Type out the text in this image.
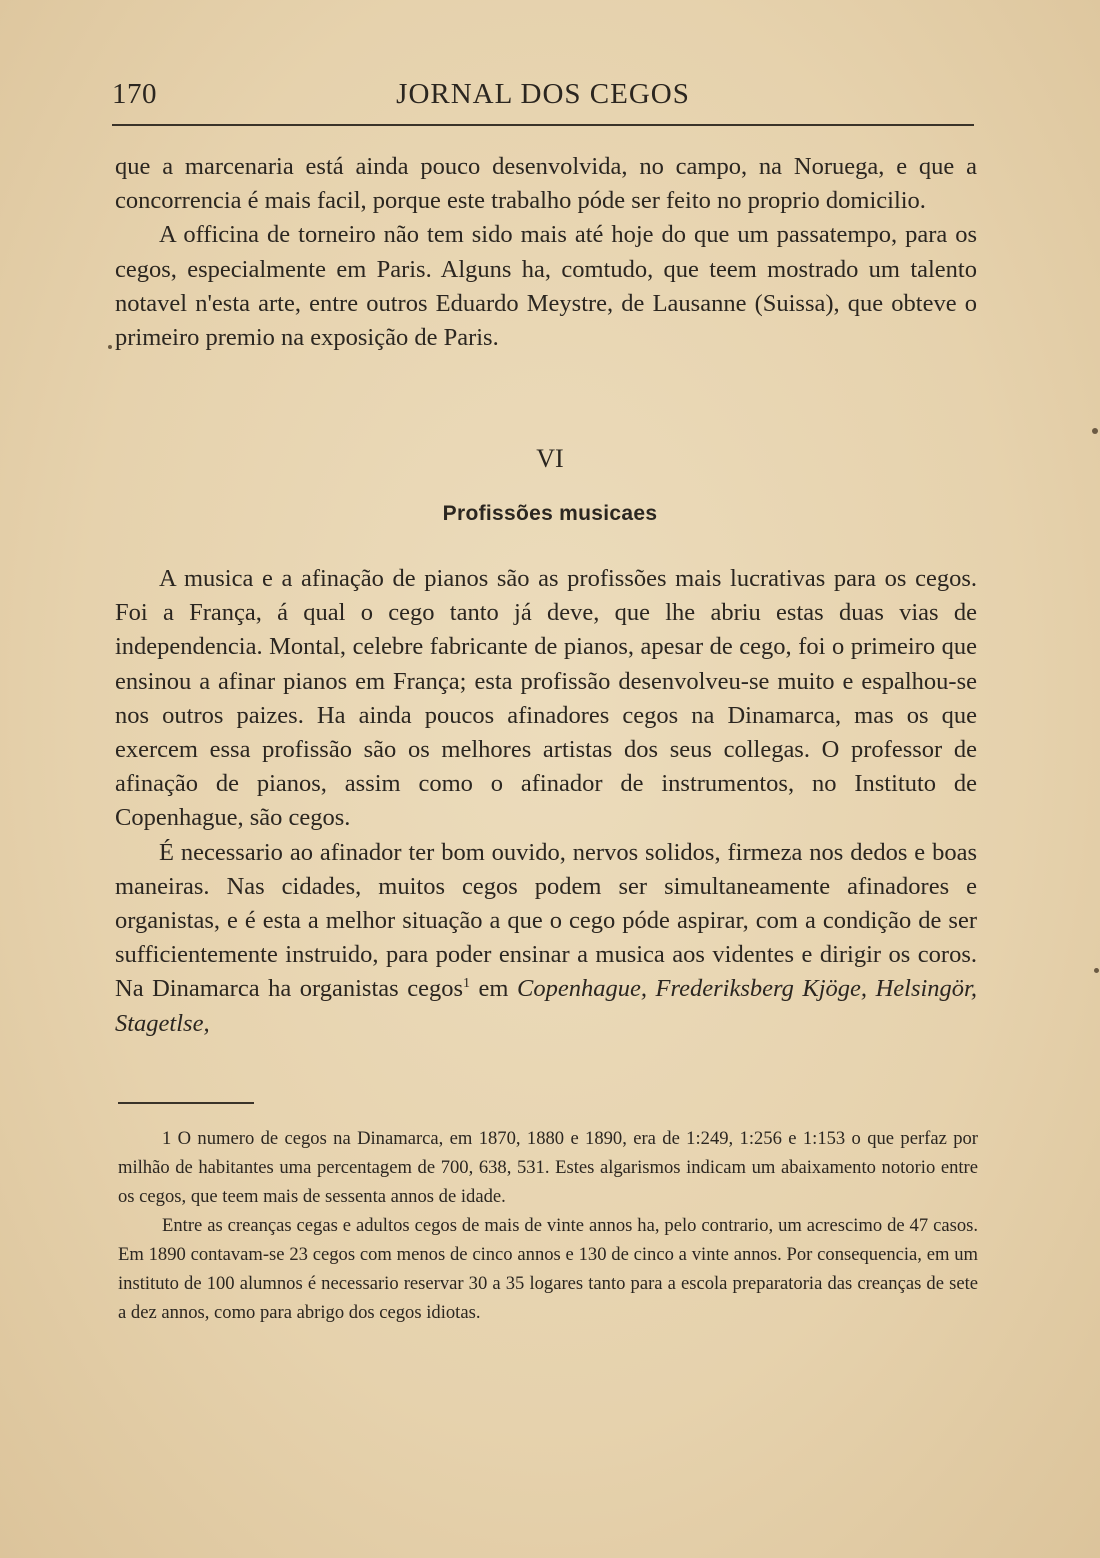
170	JORNAL DOS CEGOS

que a marcenaria está ainda pouco desenvolvida, no campo, na Noruega, e que a concorrencia é mais facil, porque este trabalho póde ser feito no proprio domicilio.

A officina de torneiro não tem sido mais até hoje do que um passatempo, para os cegos, especialmente em Paris. Alguns ha, comtudo, que teem mostrado um talento notavel n'esta arte, entre outros Eduardo Meystre, de Lausanne (Suissa), que obteve o primeiro premio na exposição de Paris.

VI
Profissões musicaes

A musica e a afinação de pianos são as profissões mais lucrativas para os cegos. Foi a França, á qual o cego tanto já deve, que lhe abriu estas duas vias de independencia. Montal, celebre fabricante de pianos, apesar de cego, foi o primeiro que ensinou a afinar pianos em França; esta profissão desenvolveu-se muito e espalhou-se nos outros paizes. Ha ainda poucos afinadores cegos na Dinamarca, mas os que exercem essa profissão são os melhores artistas dos seus collegas. O professor de afinação de pianos, assim como o afinador de instrumentos, no Instituto de Copenhague, são cegos.

É necessario ao afinador ter bom ouvido, nervos solidos, firmeza nos dedos e boas maneiras. Nas cidades, muitos cegos podem ser simultaneamente afinadores e organistas, e é esta a melhor situação a que o cego póde aspirar, com a condição de ser sufficientemente instruido, para poder ensinar a musica aos videntes e dirigir os coros. Na Dinamarca ha organistas cegos$^1$ em Copenhague, Frederiksberg Kjöge, Helsingör, Stagetlse,

1 O numero de cegos na Dinamarca, em 1870, 1880 e 1890, era de 1:249, 1:256 e 1:153 o que perfaz por milhão de habitantes uma percentagem de 700, 638, 531. Estes algarismos indicam um abaixamento notorio entre os cegos, que teem mais de sessenta annos de idade.

Entre as creanças cegas e adultos cegos de mais de vinte annos ha, pelo contrario, um acrescimo de 47 casos. Em 1890 contavam-se 23 cegos com menos de cinco annos e 130 de cinco a vinte annos. Por consequencia, em um instituto de 100 alumnos é necessario reservar 30 a 35 logares tanto para a escola preparatoria das creanças de sete a dez annos, como para abrigo dos cegos idiotas.
